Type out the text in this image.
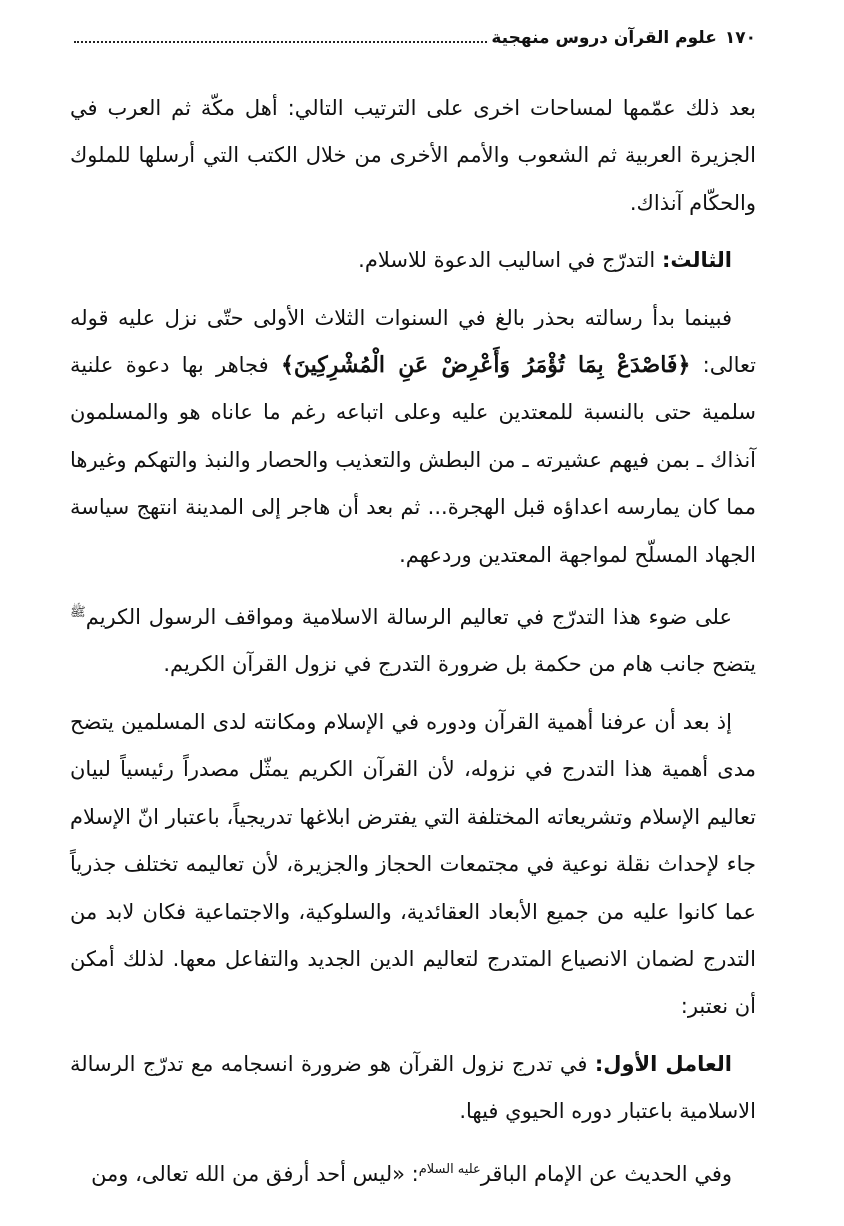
١٧٠
علوم القرآن دروس منهجية

بعد ذلك عمّمها لمساحات اخرى على الترتيب التالي: أهل مكّة ثم العرب في الجزيرة العربية ثم الشعوب والأمم الأخرى من خلال الكتب التي أرسلها للملوك والحكّام آنذاك.

الثالث: التدرّج في اساليب الدعوة للاسلام.

فبينما بدأ رسالته بحذر بالغ في السنوات الثلاث الأولى حتّى نزل عليه قوله تعالى: ﴿فَاصْدَعْ بِمَا تُؤْمَرُ وَأَعْرِضْ عَنِ الْمُشْرِكِينَ﴾ فجاهر بها دعوة علنية سلمية حتى بالنسبة للمعتدين عليه وعلى اتباعه رغم ما عاناه هو والمسلمون آنذاك ـ بمن فيهم عشيرته ـ من البطش والتعذيب والحصار والنبذ والتهكم وغيرها مما كان يمارسه اعداؤه قبل الهجرة... ثم بعد أن هاجر إلى المدينة انتهج سياسة الجهاد المسلّح لمواجهة المعتدين وردعهم.

على ضوء هذا التدرّج في تعاليم الرسالة الاسلامية ومواقف الرسول الكريم$^ﷺ$ يتضح جانب هام من حكمة بل ضرورة التدرج في نزول القرآن الكريم.

إذ بعد أن عرفنا أهمية القرآن ودوره في الإسلام ومكانته لدى المسلمين يتضح مدى أهمية هذا التدرج في نزوله، لأن القرآن الكريم يمثّل مصدراً رئيسياً لبيان تعاليم الإسلام وتشريعاته المختلفة التي يفترض ابلاغها تدريجياً، باعتبار انّ الإسلام جاء لإحداث نقلة نوعية في مجتمعات الحجاز والجزيرة، لأن تعاليمه تختلف جذرياً عما كانوا عليه من جميع الأبعاد العقائدية، والسلوكية، والاجتماعية فكان لابد من التدرج لضمان الانصياع المتدرج لتعاليم الدين الجديد والتفاعل معها. لذلك أمكن أن نعتبر:

العامل الأول: في تدرج نزول القرآن هو ضرورة انسجامه مع تدرّج الرسالة الاسلامية باعتبار دوره الحيوي فيها.

وفي الحديث عن الإمام الباقر$^{عليه السلام}$: «ليس أحد أرفق من الله تعالى، ومن
